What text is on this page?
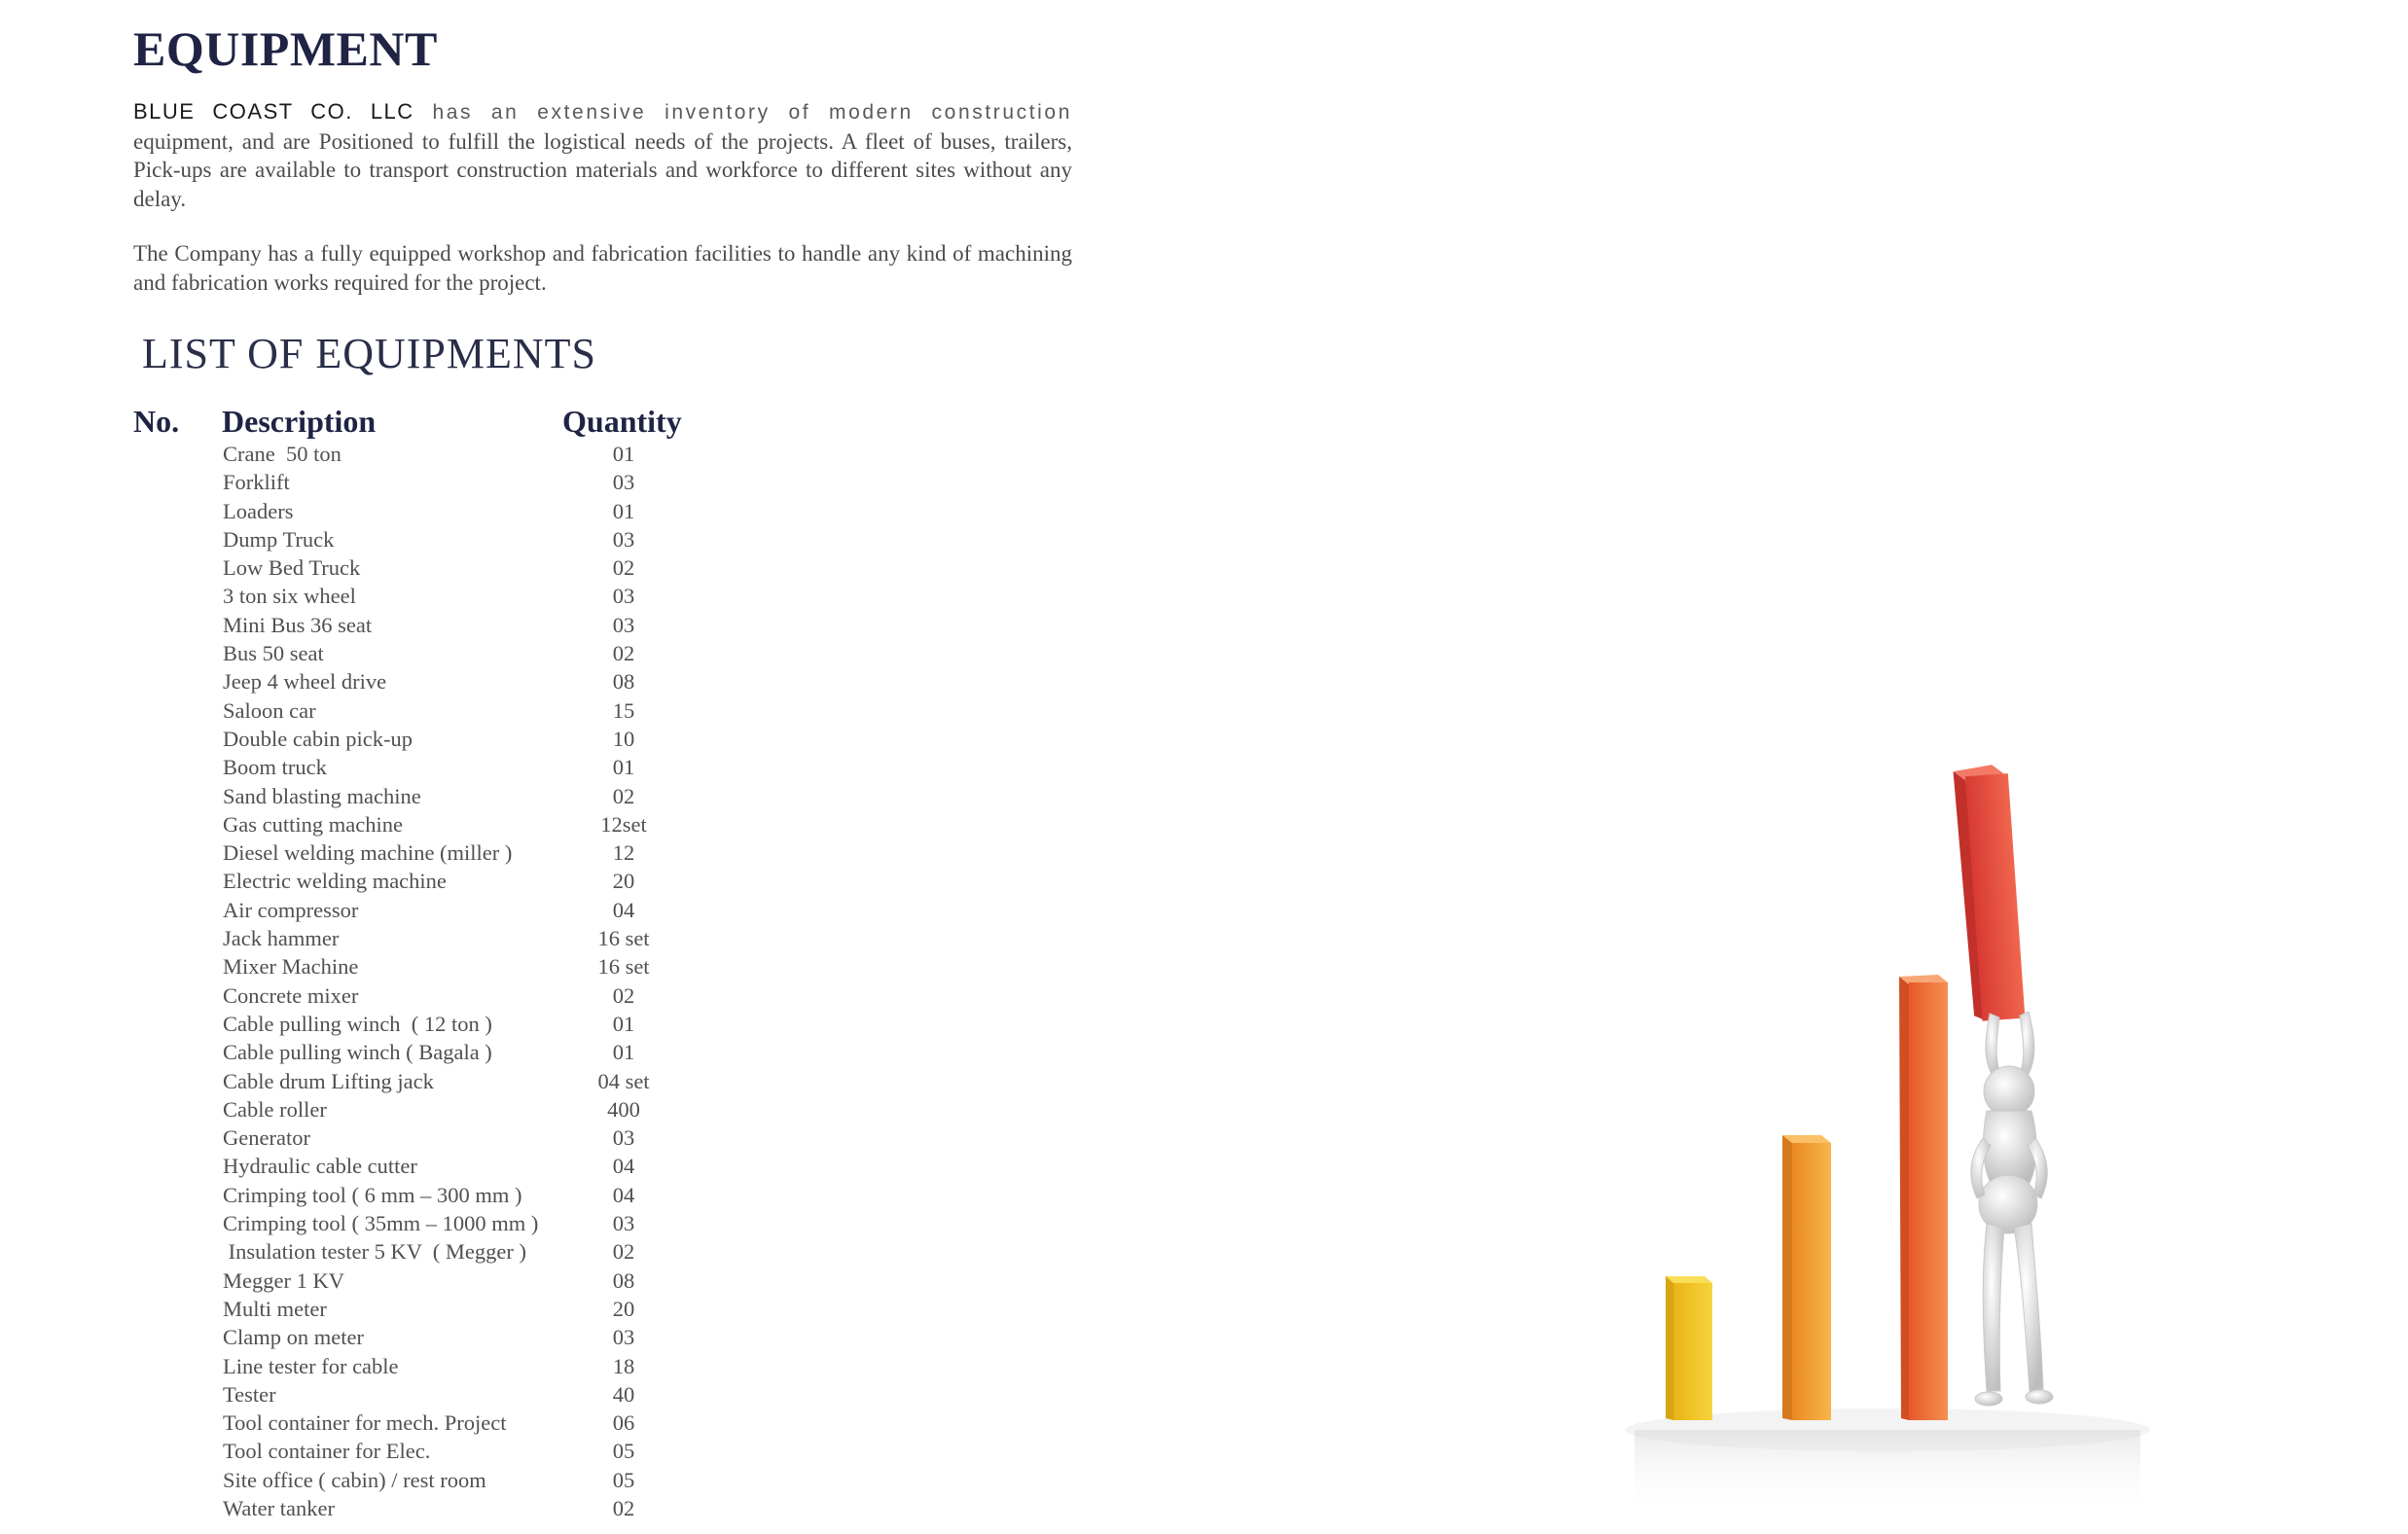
EQUIPMENT

BLUE COAST CO. LLC has an extensive inventory of modern construction equipment, and are Positioned to fulfill the logistical needs of the projects. A fleet of buses, trailers, Pick-ups are available to transport construction materials and workforce to different sites without any delay.

The Company has a fully equipped workshop and fabrication facilities to handle any kind of machining and fabrication works required for the project.

LIST OF EQUIPMENTS
No. Description	Quantity
Crane  50 ton	01
Forklift	03
Loaders	01
Dump Truck	03
Low Bed Truck	02
3 ton six wheel	03
Mini Bus 36 seat	03
Bus 50 seat	02
Jeep 4 wheel drive	08
Saloon car	15
Double cabin pick-up	10
Boom truck	01
Sand blasting machine	02
Gas cutting machine	12set
Diesel welding machine (miller )	12
Electric welding machine	20
Air compressor	04
Jack hammer	16 set
Mixer Machine	16 set
Concrete mixer	02
Cable pulling winch  ( 12 ton )	01
Cable pulling winch ( Bagala )	01
Cable drum Lifting jack	04 set
Cable roller	400
Generator	03
Hydraulic cable cutter	04
Crimping tool ( 6 mm – 300 mm )	04
Crimping tool ( 35mm – 1000 mm )	03
Insulation tester 5 KV  ( Megger )	02
Megger 1 KV	08
Multi meter	20
Clamp on meter	03
Line tester for cable	18
Tester	40
Tool container for mech. Project	06
Tool container for Elec.	05
Site office ( cabin) / rest room	05
Water tanker	02
